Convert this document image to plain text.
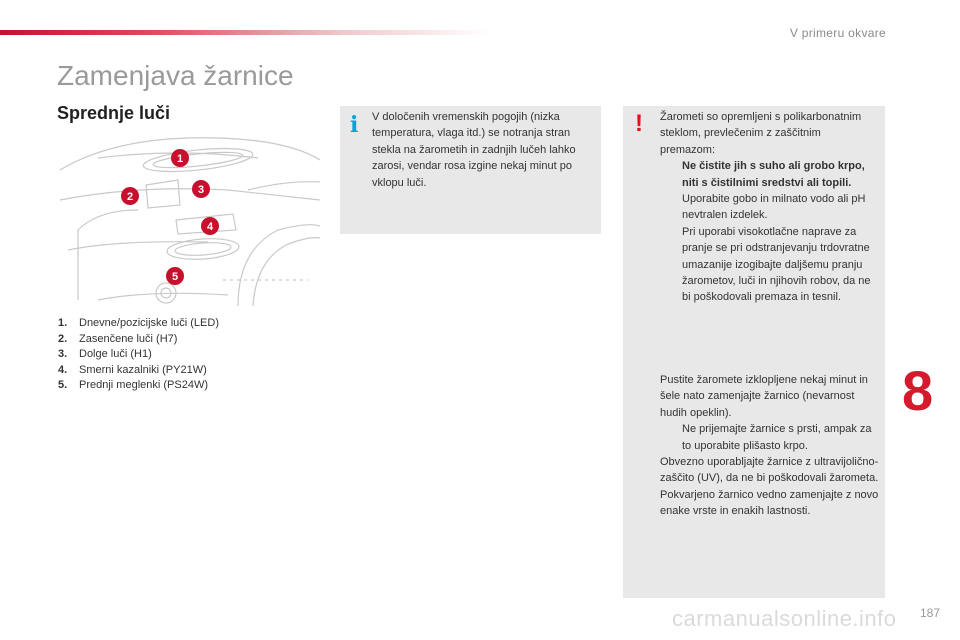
V primeru okvare
Zamenjava žarnice
Sprednje luči
1
2
3
4
5
1.	Dnevne/pozicijske luči (LED)
2.	Zasenčene luči (H7)
3.	Dolge luči (H1)
4.	Smerni kazalniki (PY21W)
5.	Prednji meglenki (PS24W)
i V določenih vremenskih pogojih (nizka temperatura, vlaga itd.) se notranja stran stekla na žarometih in zadnjih lučeh lahko zarosi, vendar rosa izgine nekaj minut po vklopu luči.
! Žarometi so opremljeni s polikarbonatnim steklom, prevlečenim z zaščitnim premazom:
Ne čistite jih s suho ali grobo krpo, niti s čistilnimi sredstvi ali topili.
Uporabite gobo in milnato vodo ali pH nevtralen izdelek.
Pri uporabi visokotlačne naprave za pranje se pri odstranjevanju trdovratne umazanije izogibajte daljšemu pranju žarometov, luči in njihovih robov, da ne bi poškodovali premaza in tesnil.
Pustite žaromete izklopljene nekaj minut in šele nato zamenjajte žarnico (nevarnost hudih opeklin).
Ne prijemajte žarnice s prsti, ampak za to uporabite plišasto krpo.
Obvezno uporabljajte žarnice z ultravijolično-zaščito (UV), da ne bi poškodovali žarometa.
Pokvarjeno žarnico vedno zamenjajte z novo enake vrste in enakih lastnosti.
8
carmanualsonline.info 187
